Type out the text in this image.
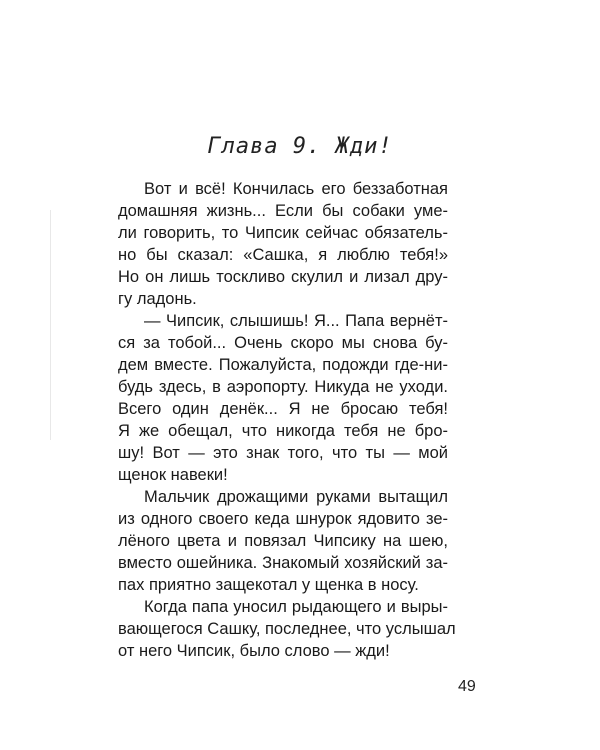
Глава 9. Жди!
Вот и всё! Кончилась его беззаботная
домашняя жизнь... Если бы собаки уме-
ли говорить, то Чипсик сейчас обязатель-
но бы сказал: «Сашка, я люблю тебя!»
Но он лишь тоскливо скулил и лизал дру-
гу ладонь.
— Чипсик, слышишь! Я... Папа вернёт-
ся за тобой... Очень скоро мы снова бу-
дем вместе. Пожалуйста, подожди где-ни-
будь здесь, в аэропорту. Никуда не уходи.
Всего один денёк... Я не бросаю тебя!
Я же обещал, что никогда тебя не бро-
шу! Вот — это знак того, что ты — мой
щенок навеки!
Мальчик дрожащими руками вытащил
из одного своего кеда шнурок ядовито зе-
лёного цвета и повязал Чипсику на шею,
вместо ошейника. Знакомый хозяйский за-
пах приятно защекотал у щенка в носу.
Когда папа уносил рыдающего и выры-
вающегося Сашку, последнее, что услышал
от него Чипсик, было слово — жди!
49
